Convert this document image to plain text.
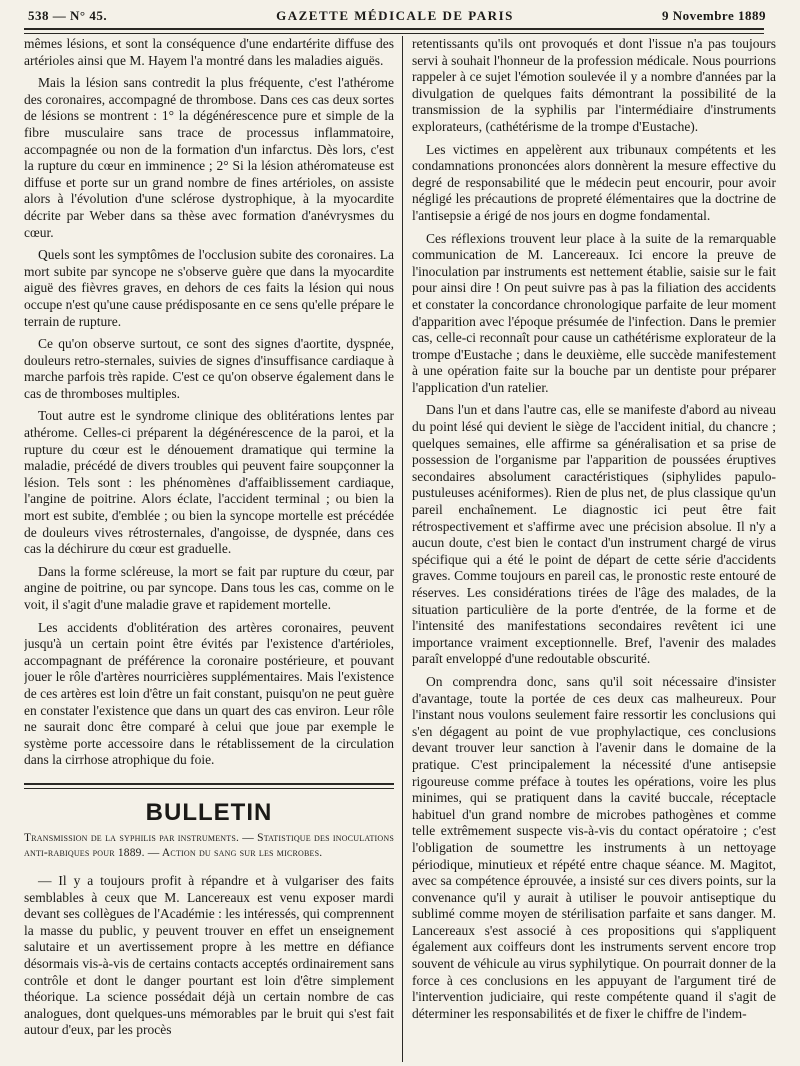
538 — N° 45.	GAZETTE MÉDICALE DE PARIS	9 Novembre 1889

mêmes lésions, et sont la conséquence d'une endartérite diffuse des artérioles ainsi que M. Hayem l'a montré dans les maladies aiguës.

Mais la lésion sans contredit la plus fréquente, c'est l'athérome des coronaires, accompagné de thrombose. Dans ces cas deux sortes de lésions se montrent : 1° la dégénérescence pure et simple de la fibre musculaire sans trace de processus inflammatoire, accompagnée ou non de la formation d'un infarctus. Dès lors, c'est la rupture du cœur en imminence ; 2° Si la lésion athéromateuse est diffuse et porte sur un grand nombre de fines artérioles, on assiste alors à l'évolution d'une sclérose dystrophique, à la myocardite décrite par Weber dans sa thèse avec formation d'anévrysmes du cœur.

Quels sont les symptômes de l'occlusion subite des coronaires. La mort subite par syncope ne s'observe guère que dans la myocardite aiguë des fièvres graves, en dehors de ces faits la lésion qui nous occupe n'est qu'une cause prédisposante en ce sens qu'elle prépare le terrain de rupture.

Ce qu'on observe surtout, ce sont des signes d'aortite, dyspnée, douleurs retro-sternales, suivies de signes d'insuffisance cardiaque à marche parfois très rapide. C'est ce qu'on observe également dans le cas de thromboses multiples.

Tout autre est le syndrome clinique des oblitérations lentes par athérome. Celles-ci préparent la dégénérescence de la paroi, et la rupture du cœur est le dénouement dramatique qui termine la maladie, précédé de divers troubles qui peuvent faire soupçonner la lésion. Tels sont : les phénomènes d'affaiblissement cardiaque, l'angine de poitrine. Alors éclate, l'accident terminal ; ou bien la mort est subite, d'emblée ; ou bien la syncope mortelle est précédée de douleurs vives rétrosternales, d'angoisse, de dyspnée, dans ces cas la déchirure du cœur est graduelle.

Dans la forme scléreuse, la mort se fait par rupture du cœur, par angine de poitrine, ou par syncope. Dans tous les cas, comme on le voit, il s'agit d'une maladie grave et rapidement mortelle.

Les accidents d'oblitération des artères coronaires, peuvent jusqu'à un certain point être évités par l'existence d'artérioles, accompagnant de préférence la coronaire postérieure, et pouvant jouer le rôle d'artères nourricières supplémentaires. Mais l'existence de ces artères est loin d'être un fait constant, puisqu'on ne peut guère en constater l'existence que dans un quart des cas environ. Leur rôle ne saurait donc être comparé à celui que joue par exemple le système porte accessoire dans le rétablissement de la circulation dans la cirrhose atrophique du foie.

BULLETIN

Transmission de la syphilis par instruments. — Statistique des inoculations anti-rabiques pour 1889. — Action du sang sur les microbes.

— Il y a toujours profit à répandre et à vulgariser des faits semblables à ceux que M. Lancereaux est venu exposer mardi devant ses collègues de l'Académie : les intéressés, qui comprennent la masse du public, y peuvent trouver en effet un enseignement salutaire et un avertissement propre à les mettre en défiance désormais vis-à-vis de certains contacts acceptés ordinairement sans contrôle et dont le danger pourtant est loin d'être simplement théorique. La science possédait déjà un certain nombre de cas analogues, dont quelques-uns mémorables par le bruit qui s'est fait autour d'eux, par les procès

retentissants qu'ils ont provoqués et dont l'issue n'a pas toujours servi à souhait l'honneur de la profession médicale. Nous pourrions rappeler à ce sujet l'émotion soulevée il y a nombre d'années par la divulgation de quelques faits démontrant la possibilité de la transmission de la syphilis par l'intermédiaire d'instruments explorateurs, (cathétérisme de la trompe d'Eustache).

Les victimes en appelèrent aux tribunaux compétents et les condamnations prononcées alors donnèrent la mesure effective du degré de responsabilité que le médecin peut encourir, pour avoir négligé les précautions de propreté élémentaires que la doctrine de l'antisepsie a érigé de nos jours en dogme fondamental.

Ces réflexions trouvent leur place à la suite de la remarquable communication de M. Lancereaux. Ici encore la preuve de l'inoculation par instruments est nettement établie, saisie sur le fait pour ainsi dire ! On peut suivre pas à pas la filiation des accidents et constater la concordance chronologique parfaite de leur moment d'apparition avec l'époque présumée de l'infection. Dans le premier cas, celle-ci reconnaît pour cause un cathétérisme explorateur de la trompe d'Eustache ; dans le deuxième, elle succède manifestement à une opération faite sur la bouche par un dentiste pour préparer l'application d'un ratelier.

Dans l'un et dans l'autre cas, elle se manifeste d'abord au niveau du point lésé qui devient le siège de l'accident initial, du chancre ; quelques semaines, elle affirme sa généralisation et sa prise de possession de l'organisme par l'apparition de poussées éruptives secondaires absolument caractéristiques (siphylides papulo-pustuleuses acéniformes). Rien de plus net, de plus classique qu'un pareil enchaînement. Le diagnostic ici peut être fait rétrospectivement et s'affirme avec une précision absolue. Il n'y a aucun doute, c'est bien le contact d'un instrument chargé de virus spécifique qui a été le point de départ de cette série d'accidents graves. Comme toujours en pareil cas, le pronostic reste entouré de réserves. Les considérations tirées de l'âge des malades, de la situation particulière de la porte d'entrée, de la forme et de l'intensité des manifestations secondaires revêtent ici une importance vraiment exceptionnelle. Bref, l'avenir des malades paraît enveloppé d'une redoutable obscurité.

On comprendra donc, sans qu'il soit nécessaire d'insister d'avantage, toute la portée de ces deux cas malheureux. Pour l'instant nous voulons seulement faire ressortir les conclusions qui s'en dégagent au point de vue prophylactique, ces conclusions devant trouver leur sanction à l'avenir dans le domaine de la pratique. C'est principalement la nécessité d'une antisepsie rigoureuse comme préface à toutes les opérations, voire les plus minimes, qui se pratiquent dans la cavité buccale, réceptacle habituel d'un grand nombre de microbes pathogènes et comme telle extrêmement suspecte vis-à-vis du contact opératoire ; c'est l'obligation de soumettre les instruments à un nettoyage périodique, minutieux et répété entre chaque séance. M. Magitot, avec sa compétence éprouvée, a insisté sur ces divers points, sur la convenance qu'il y aurait à utiliser le pouvoir antiseptique du sublimé comme moyen de stérilisation parfaite et sans danger. M. Lancereaux s'est associé à ces propositions qui s'appliquent également aux coiffeurs dont les instruments servent encore trop souvent de véhicule au virus syphilytique. On pourrait donner de la force à ces conclusions en les appuyant de l'argument tiré de l'intervention judiciaire, qui reste compétente quand il s'agit de déterminer les responsabilités et de fixer le chiffre de l'indem-
